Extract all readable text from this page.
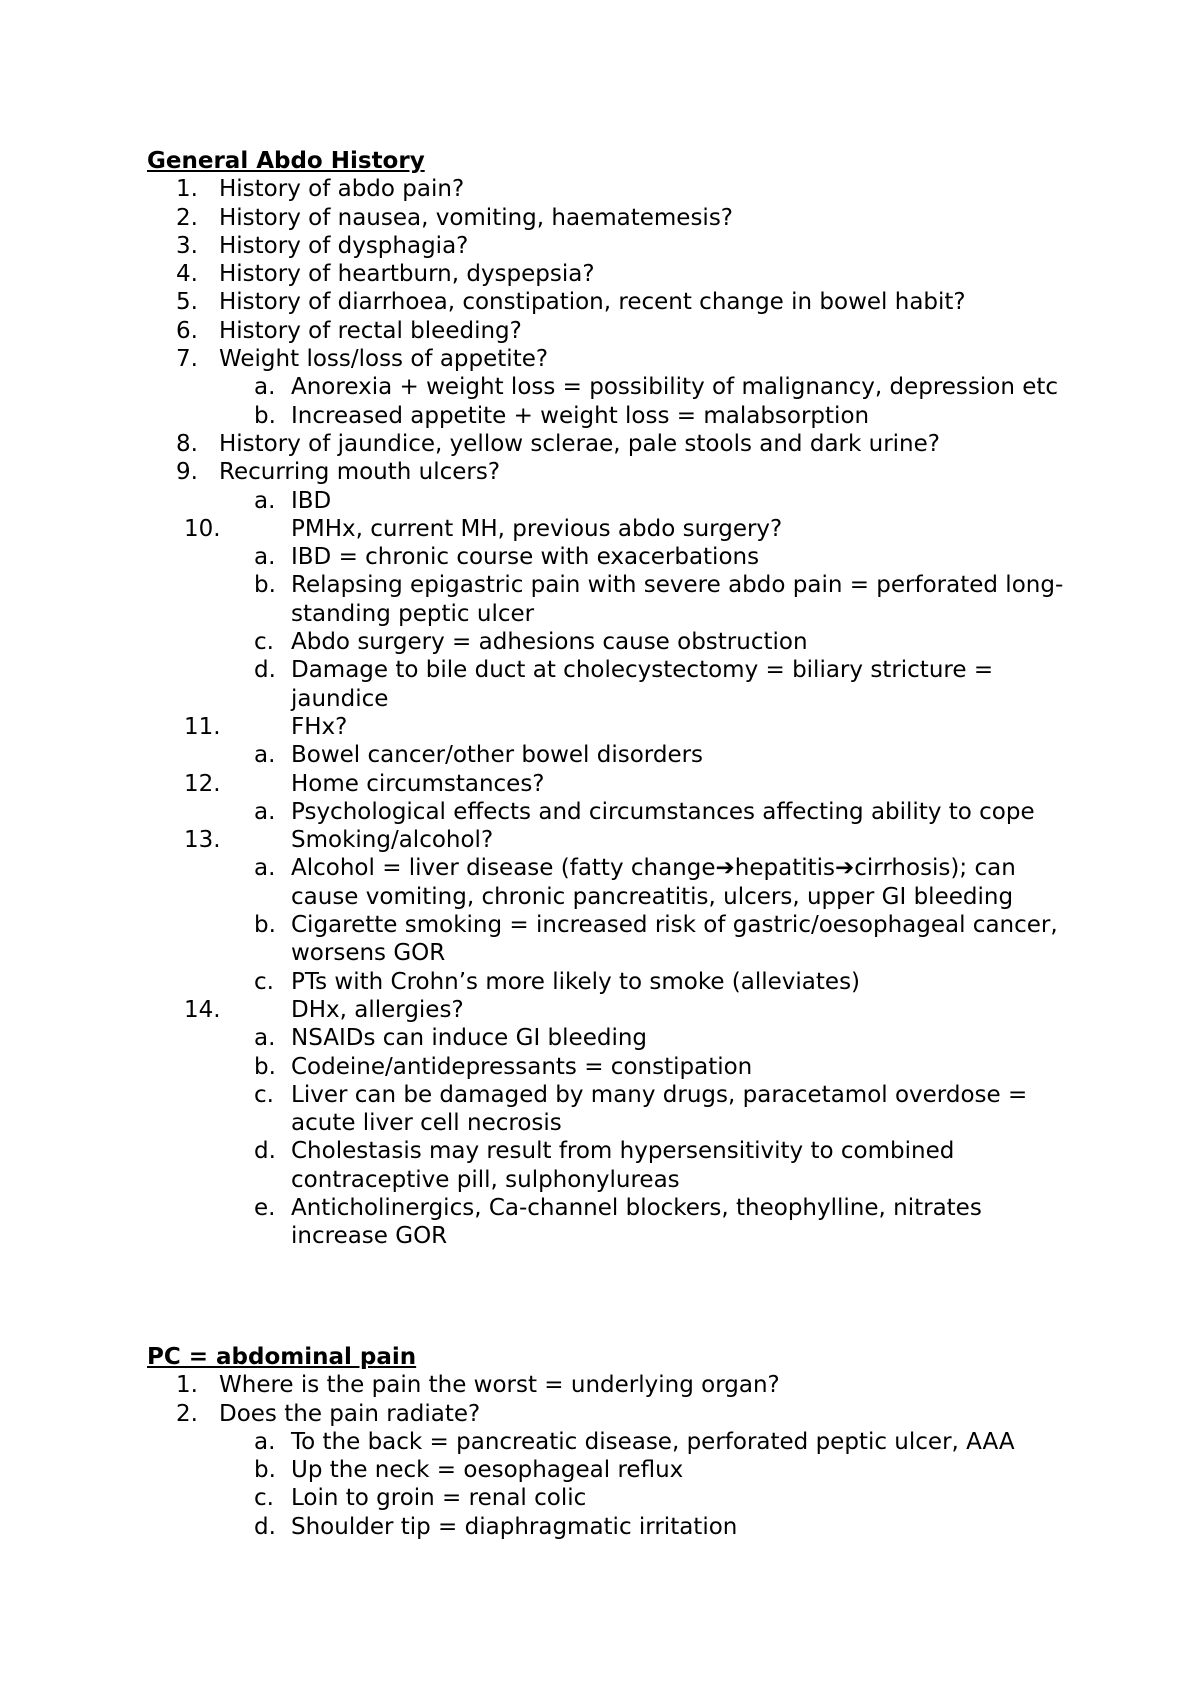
General Abdo History
1. History of abdo pain?
2. History of nausea, vomiting, haematemesis?
3. History of dysphagia?
4. History of heartburn, dyspepsia?
5. History of diarrhoea, constipation, recent change in bowel habit?
6. History of rectal bleeding?
7. Weight loss/loss of appetite?
a. Anorexia + weight loss = possibility of malignancy, depression etc
b. Increased appetite + weight loss = malabsorption
8. History of jaundice, yellow sclerae, pale stools and dark urine?
9. Recurring mouth ulcers?
a. IBD
10.	PMHx, current MH, previous abdo surgery?
a. IBD = chronic course with exacerbations
b. Relapsing epigastric pain with severe abdo pain = perforated long-standing peptic ulcer
c. Abdo surgery = adhesions cause obstruction
d. Damage to bile duct at cholecystectomy = biliary stricture = jaundice
11.	FHx?
a. Bowel cancer/other bowel disorders
12.	Home circumstances?
a. Psychological effects and circumstances affecting ability to cope
13.	Smoking/alcohol?
a. Alcohol = liver disease (fatty change➔hepatitis➔cirrhosis); can cause vomiting, chronic pancreatitis, ulcers, upper GI bleeding
b. Cigarette smoking = increased risk of gastric/oesophageal cancer, worsens GOR
c. PTs with Crohn’s more likely to smoke (alleviates)
14.	DHx, allergies?
a. NSAIDs can induce GI bleeding
b. Codeine/antidepressants = constipation
c. Liver can be damaged by many drugs, paracetamol overdose = acute liver cell necrosis
d. Cholestasis may result from hypersensitivity to combined contraceptive pill, sulphonylureas
e. Anticholinergics, Ca-channel blockers, theophylline, nitrates increase GOR
PC = abdominal pain
1. Where is the pain the worst = underlying organ?
2. Does the pain radiate?
a. To the back = pancreatic disease, perforated peptic ulcer, AAA
b. Up the neck = oesophageal reflux
c. Loin to groin = renal colic
d. Shoulder tip = diaphragmatic irritation
